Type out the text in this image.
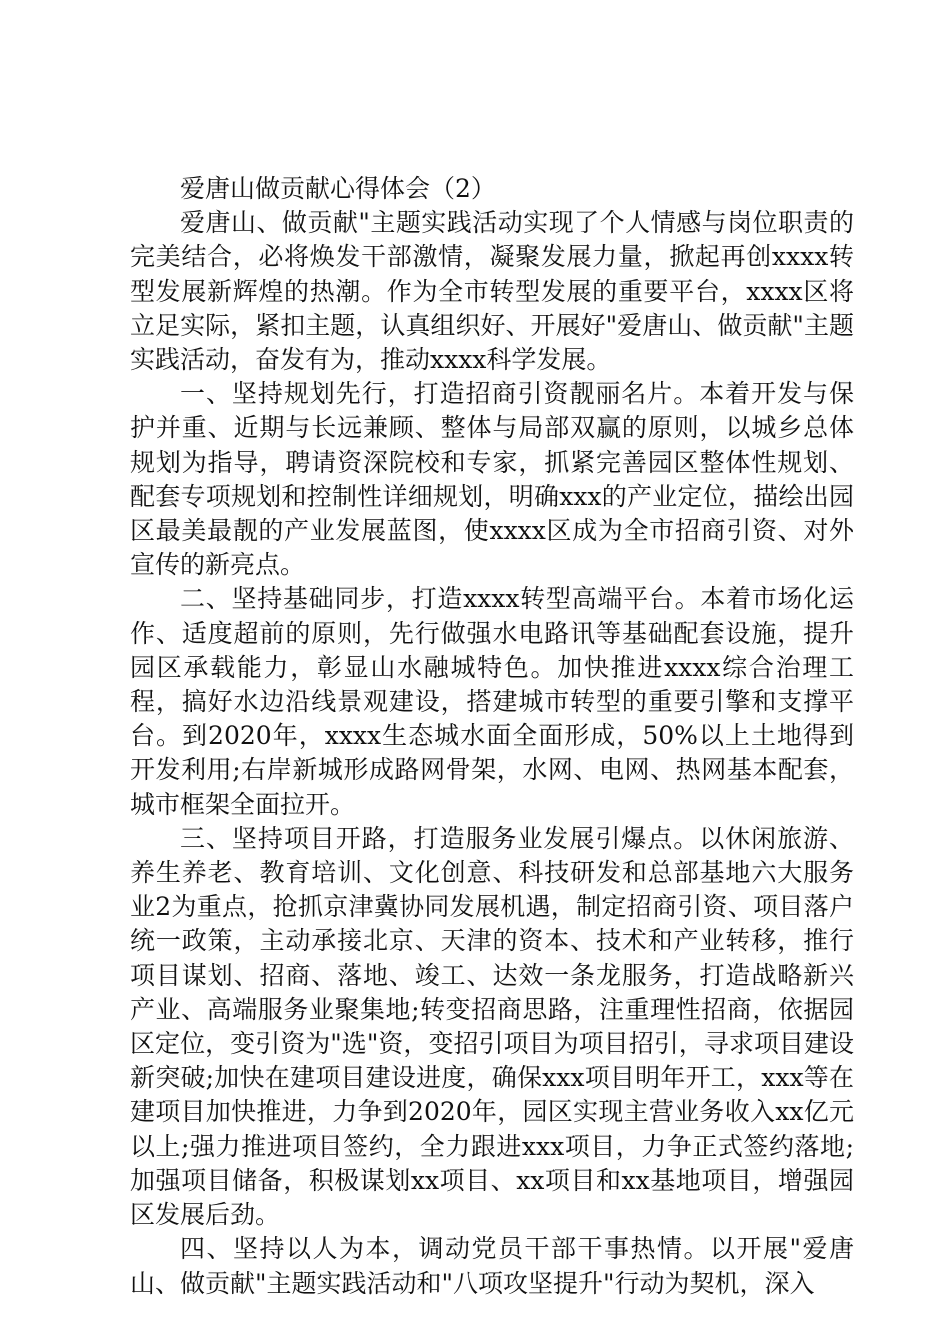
爱唐山做贡献心得体会（2）

爱唐山、做贡献"主题实践活动实现了个人情感与岗位职责的完美结合，必将焕发干部激情，凝聚发展力量，掀起再创xxxx转型发展新辉煌的热潮。作为全市转型发展的重要平台，xxxx区将立足实际，紧扣主题，认真组织好、开展好"爱唐山、做贡献"主题实践活动，奋发有为，推动xxxx科学发展。

一、坚持规划先行，打造招商引资靓丽名片。本着开发与保护并重、近期与长远兼顾、整体与局部双赢的原则，以城乡总体规划为指导，聘请资深院校和专家，抓紧完善园区整体性规划、配套专项规划和控制性详细规划，明确xxx的产业定位，描绘出园区最美最靓的产业发展蓝图，使xxxx区成为全市招商引资、对外宣传的新亮点。

二、坚持基础同步，打造xxxx转型高端平台。本着市场化运作、适度超前的原则，先行做强水电路讯等基础配套设施，提升园区承载能力，彰显山水融城特色。加快推进xxxx综合治理工程，搞好水边沿线景观建设，搭建城市转型的重要引擎和支撑平台。到2020年，xxxx生态城水面全面形成，50%以上土地得到开发利用;右岸新城形成路网骨架，水网、电网、热网基本配套，城市框架全面拉开。

三、坚持项目开路，打造服务业发展引爆点。以休闲旅游、养生养老、教育培训、文化创意、科技研发和总部基地六大服务业2为重点，抢抓京津冀协同发展机遇，制定招商引资、项目落户统一政策，主动承接北京、天津的资本、技术和产业转移，推行项目谋划、招商、落地、竣工、达效一条龙服务，打造战略新兴产业、高端服务业聚集地;转变招商思路，注重理性招商，依据园区定位，变引资为"选"资，变招引项目为项目招引，寻求项目建设新突破;加快在建项目建设进度，确保xxx项目明年开工，xxx等在建项目加快推进，力争到2020年，园区实现主营业务收入xx亿元以上;强力推进项目签约，全力跟进xxx项目，力争正式签约落地;加强项目储备，积极谋划xx项目、xx项目和xx基地项目，增强园区发展后劲。

四、坚持以人为本，调动党员干部干事热情。以开展"爱唐山、做贡献"主题实践活动和"八项攻坚提升"行动为契机，深入
